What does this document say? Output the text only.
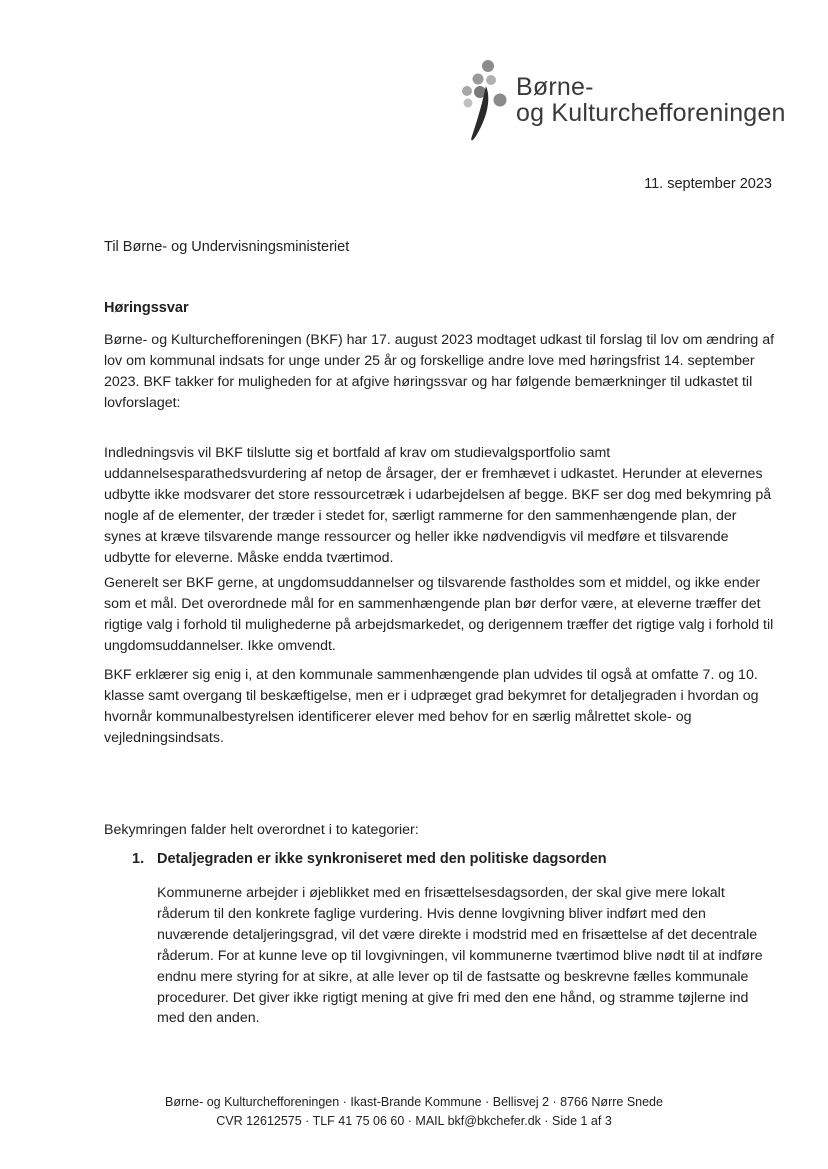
Børne-
og Kulturchefforeningen
11. september 2023
Til Børne- og Undervisningsministeriet
Høringssvar

Børne- og Kulturchefforeningen (BKF) har 17. august 2023 modtaget udkast til forslag til lov om ændring af lov om kommunal indsats for unge under 25 år og forskellige andre love med høringsfrist 14. september 2023. BKF takker for muligheden for at afgive høringssvar og har følgende bemærkninger til udkastet til lovforslaget:

Indledningsvis vil BKF tilslutte sig et bortfald af krav om studievalgsportfolio samt uddannelsesparathedsvurdering af netop de årsager, der er fremhævet i udkastet. Herunder at elevernes udbytte ikke modsvarer det store ressourcetræk i udarbejdelsen af begge. BKF ser dog med bekymring på nogle af de elementer, der træder i stedet for, særligt rammerne for den sammenhængende plan, der synes at kræve tilsvarende mange ressourcer og heller ikke nødvendigvis vil medføre et tilsvarende udbytte for eleverne. Måske endda tværtimod.

Generelt ser BKF gerne, at ungdomsuddannelser og tilsvarende fastholdes som et middel, og ikke ender som et mål. Det overordnede mål for en sammenhængende plan bør derfor være, at eleverne træffer det rigtige valg i forhold til mulighederne på arbejdsmarkedet, og derigennem træffer det rigtige valg i forhold til ungdomsuddannelser. Ikke omvendt.

BKF erklærer sig enig i, at den kommunale sammenhængende plan udvides til også at omfatte 7. og 10. klasse samt overgang til beskæftigelse, men er i udpræget grad bekymret for detaljegraden i hvordan og hvornår kommunalbestyrelsen identificerer elever med behov for en særlig målrettet skole- og vejledningsindsats.

Bekymringen falder helt overordnet i to kategorier:

1. Detaljegraden er ikke synkroniseret med den politiske dagsorden
Kommunerne arbejder i øjeblikket med en frisættelsesdagsorden, der skal give mere lokalt råderum til den konkrete faglige vurdering. Hvis denne lovgivning bliver indført med den nuværende detaljeringsgrad, vil det være direkte i modstrid med en frisættelse af det decentrale råderum. For at kunne leve op til lovgivningen, vil kommunerne tværtimod blive nødt til at indføre endnu mere styring for at sikre, at alle lever op til de fastsatte og beskrevne fælles kommunale procedurer. Det giver ikke rigtigt mening at give fri med den ene hånd, og stramme tøjlerne ind med den anden.
Børne- og Kulturchefforeningen · Ikast-Brande Kommune · Bellisvej 2 · 8766 Nørre Snede
CVR 12612575 · TLF 41 75 06 60 · MAIL bkf@bkchefer.dk · Side 1 af 3
